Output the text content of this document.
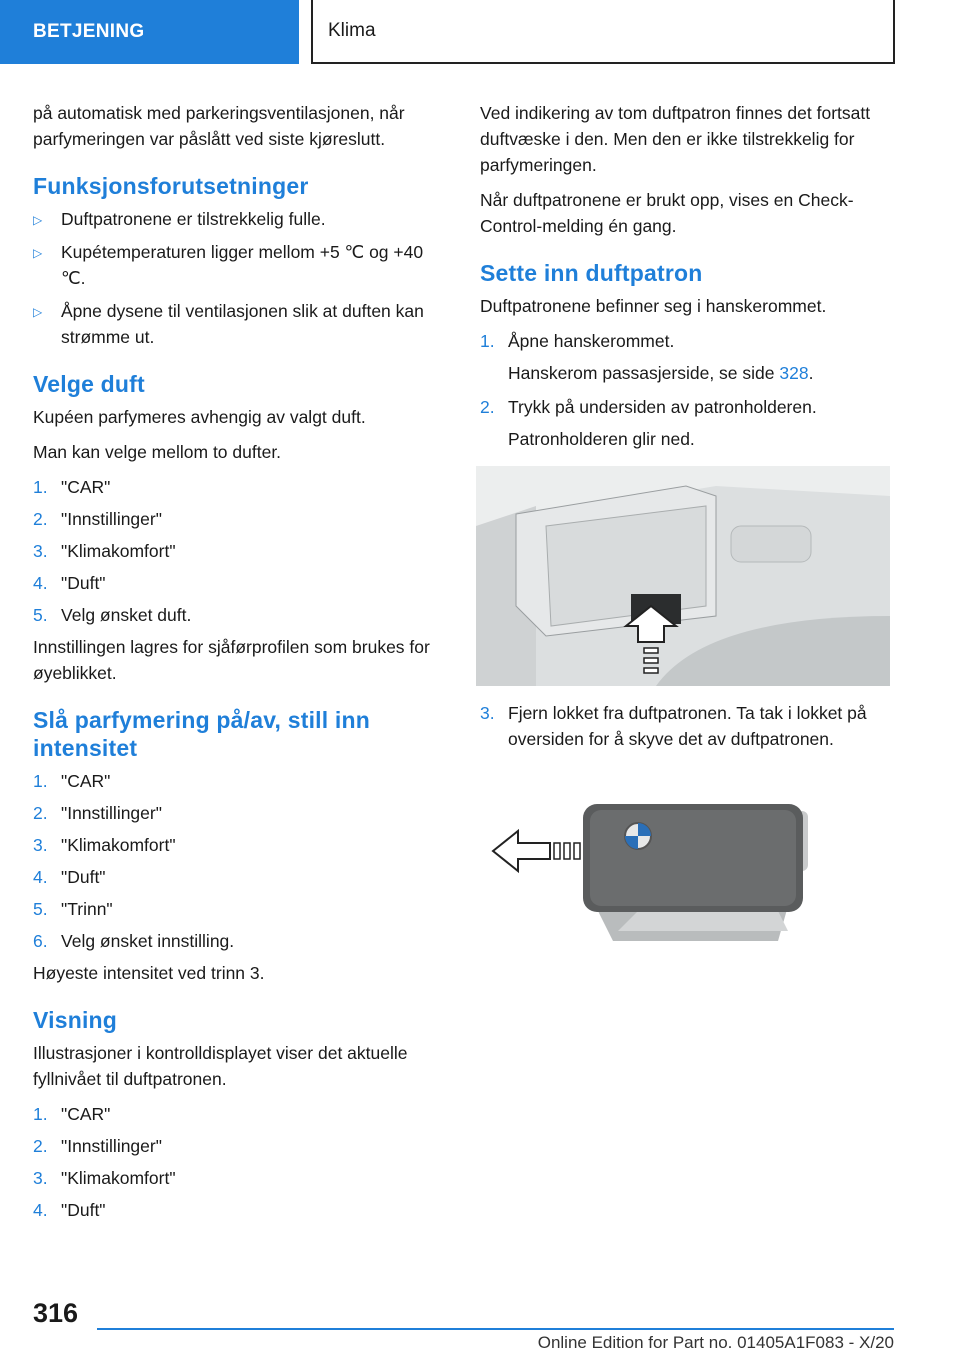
BETJENING	Klima

på automatisk med parkeringsventilasjonen, når parfymeringen var påslått ved siste kjøreslutt.

Funksjonsforutsetninger
▷ Duftpatronene er tilstrekkelig fulle.
▷ Kupétemperaturen ligger mellom +5 ℃ og +40 ℃.
▷ Åpne dysene til ventilasjonen slik at duften kan strømme ut.
Velge duft

Kupéen parfymeres avhengig av valgt duft.

Man kan velge mellom to dufter.

1. "CAR"
2. "Innstillinger"
3. "Klimakomfort"
4. "Duft"
5. Velg ønsket duft.

Innstillingen lagres for sjåførprofilen som brukes for øyeblikket.

Slå parfymering på/av, still inn intensitet
1. "CAR"
2. "Innstillinger"
3. "Klimakomfort"
4. "Duft"
5. "Trinn"
6. Velg ønsket innstilling.

Høyeste intensitet ved trinn 3.

Visning

Illustrasjoner i kontrolldisplayet viser det aktuelle fyllnivået til duftpatronen.

1. "CAR"
2. "Innstillinger"
3. "Klimakomfort"
4. "Duft"

Ved indikering av tom duftpatron finnes det fortsatt duftvæske i den. Men den er ikke tilstrekkelig for parfymeringen.

Når duftpatronene er brukt opp, vises en Check-Control-melding én gang.

Sette inn duftpatron

Duftpatronene befinner seg i hanskerommet.

1. Åpne hanskerommet.

Hanskerom passasjerside, se side 328.

2. Trykk på undersiden av patronholderen.

Patronholderen glir ned.

3. Fjern lokket fra duftpatronen. Ta tak i lokket på oversiden for å skyve det av duftpatronen.
316
Online Edition for Part no. 01405A1F083 - X/20
